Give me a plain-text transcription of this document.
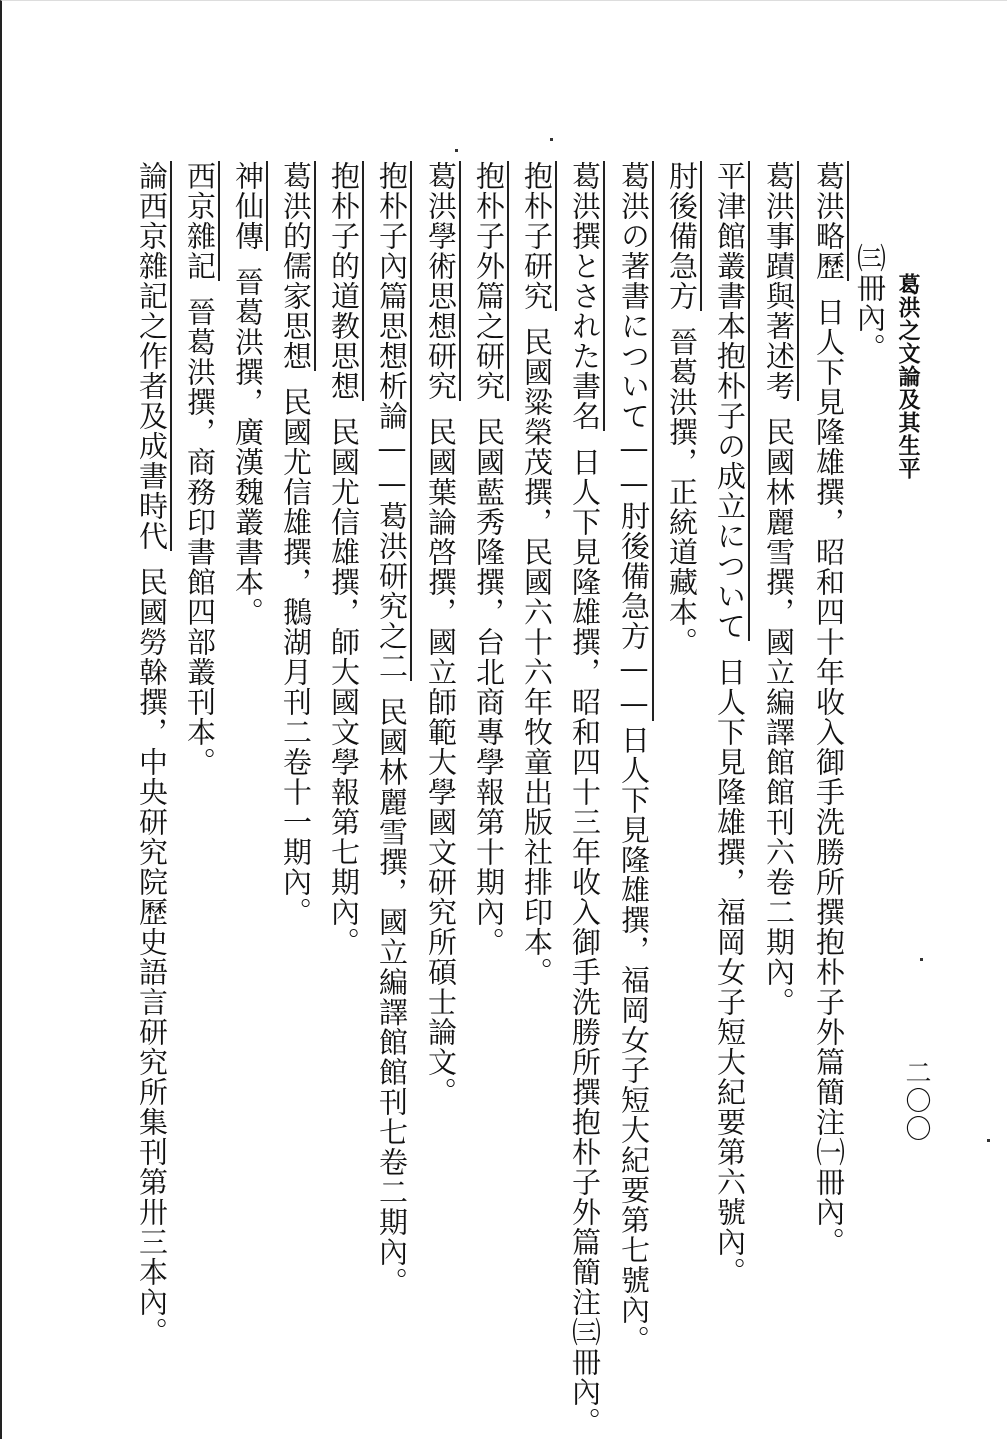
葛洪之文論及其生平
二〇〇
㈢冊內。
葛洪略歷日人下見隆雄撰，昭和四十年收入御手洗勝所撰抱朴子外篇簡注㈠冊內。
葛洪事蹟與著述考民國林麗雪撰，國立編譯館館刊六卷二期內。
平津館叢書本抱朴子の成立について日人下見隆雄撰，福岡女子短大紀要第六號內。
肘後備急方晉葛洪撰，正統道藏本。
葛洪の著書について——肘後備急方——日人下見隆雄撰，福岡女子短大紀要第七號內。
葛洪撰とされた書名日人下見隆雄撰，昭和四十三年收入御手洗勝所撰抱朴子外篇簡注㈢冊內。
抱朴子研究民國粱榮茂撰，民國六十六年牧童出版社排印本。
抱朴子外篇之研究民國藍秀隆撰，台北商專學報第十期內。
葛洪學術思想研究民國葉論啓撰，國立師範大學國文研究所碩士論文。
抱朴子內篇思想析論——葛洪研究之二民國林麗雪撰，國立編譯館館刊七卷二期內。
抱朴子的道教思想民國尤信雄撰，師大國文學報第七期內。
葛洪的儒家思想民國尤信雄撰，鵝湖月刊二卷十一期內。
神仙傳晉葛洪撰，廣漢魏叢書本。
西京雜記晉葛洪撰，商務印書館四部叢刊本。
論西京雜記之作者及成書時代民國勞榦撰，中央研究院歷史語言研究所集刊第卅三本內。
